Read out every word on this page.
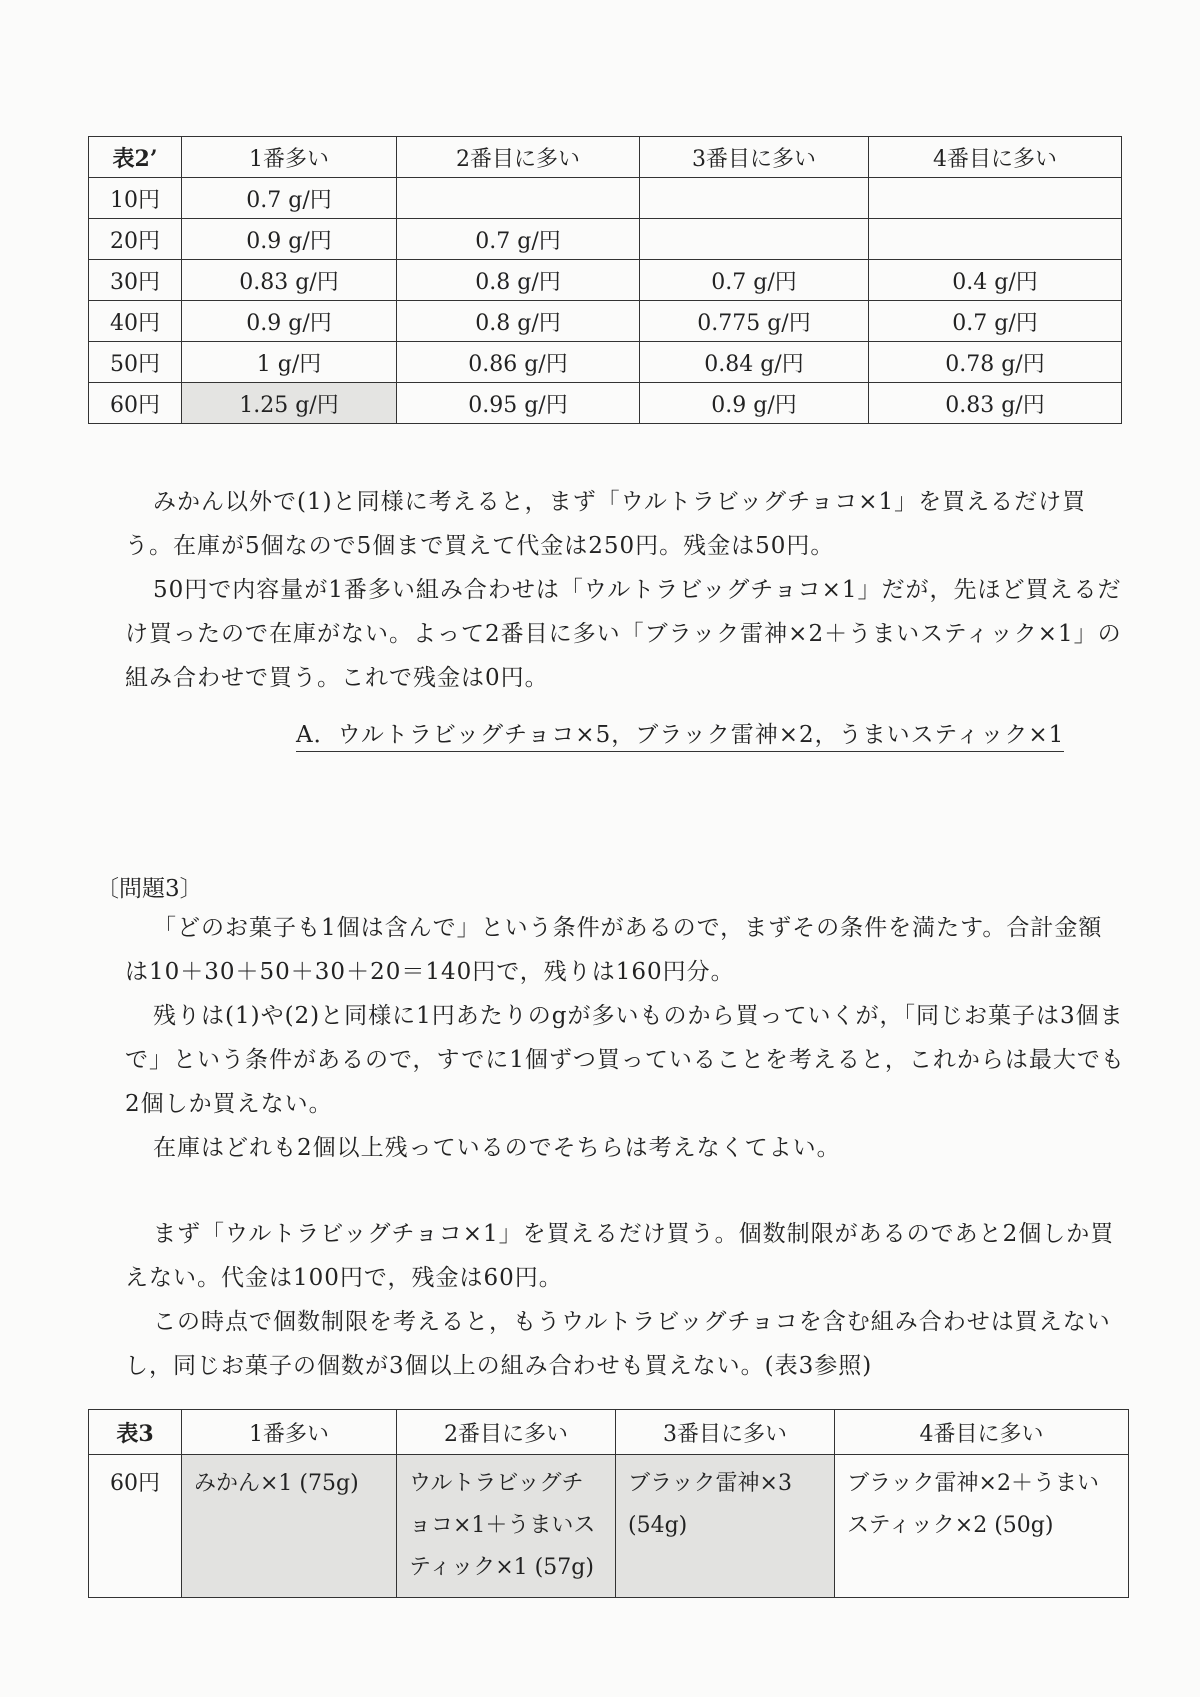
表2’	1番多い	2番目に多い	3番目に多い	4番目に多い
10円	0.7 g/円			
20円	0.9 g/円	0.7 g/円		
30円	0.83 g/円	0.8 g/円	0.7 g/円	0.4 g/円
40円	0.9 g/円	0.8 g/円	0.775 g/円	0.7 g/円
50円	1 g/円	0.86 g/円	0.84 g/円	0.78 g/円
60円	1.25 g/円	0.95 g/円	0.9 g/円	0.83 g/円

みかん以外で(1)と同様に考えると，まず「ウルトラビッグチョコ×1」を買えるだけ買う。在庫が5個なので5個まで買えて代金は250円。残金は50円。

50円で内容量が1番多い組み合わせは「ウルトラビッグチョコ×1」だが，先ほど買えるだけ買ったので在庫がない。よって2番目に多い「ブラック雷神×2＋うまいスティック×1」の組み合わせで買う。これで残金は0円。

A．ウルトラビッグチョコ×5，ブラック雷神×2，うまいスティック×1
〔問題3〕

「どのお菓子も1個は含んで」という条件があるので，まずその条件を満たす。合計金額は10＋30＋50＋30＋20＝140円で，残りは160円分。

残りは(1)や(2)と同様に1円あたりのgが多いものから買っていくが，「同じお菓子は3個まで」という条件があるので，すでに1個ずつ買っていることを考えると，これからは最大でも2個しか買えない。

在庫はどれも2個以上残っているのでそちらは考えなくてよい。

まず「ウルトラビッグチョコ×1」を買えるだけ買う。個数制限があるのであと2個しか買えない。代金は100円で，残金は60円。

この時点で個数制限を考えると，もうウルトラビッグチョコを含む組み合わせは買えないし，同じお菓子の個数が3個以上の組み合わせも買えない。(表3参照)

表3	1番多い	2番目に多い	3番目に多い	4番目に多い
60円	みかん×1 (75g)	ウルトラビッグチョコ×1＋うまいスティック×1 (57g)	ブラック雷神×3 (54g)	ブラック雷神×2＋うまいスティック×2 (50g)
